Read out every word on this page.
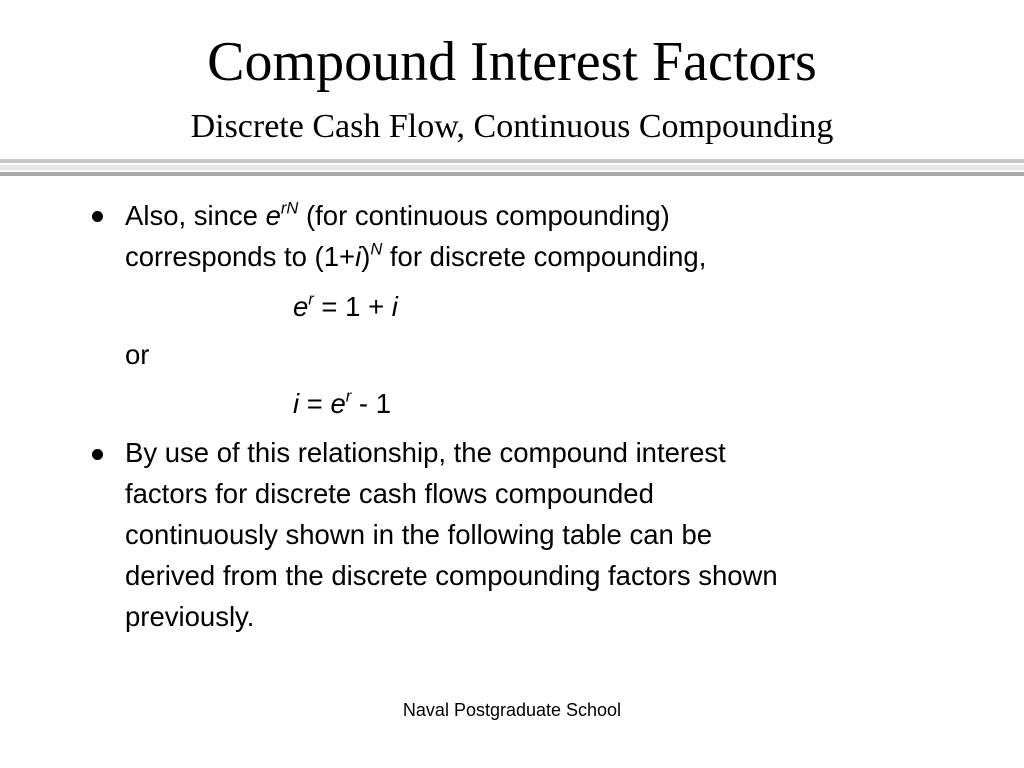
Compound Interest Factors
Discrete Cash Flow, Continuous Compounding
Also, since $e^{rN}$ (for continuous compounding)
corresponds to $(1+i)^N$ for discrete compounding,
$e^r = 1 + i$
or
$i = e^r - 1$
By use of this relationship, the compound interest
factors for discrete cash flows compounded
continuously shown in the following table can be
derived from the discrete compounding factors shown
previously.
Naval Postgraduate School
